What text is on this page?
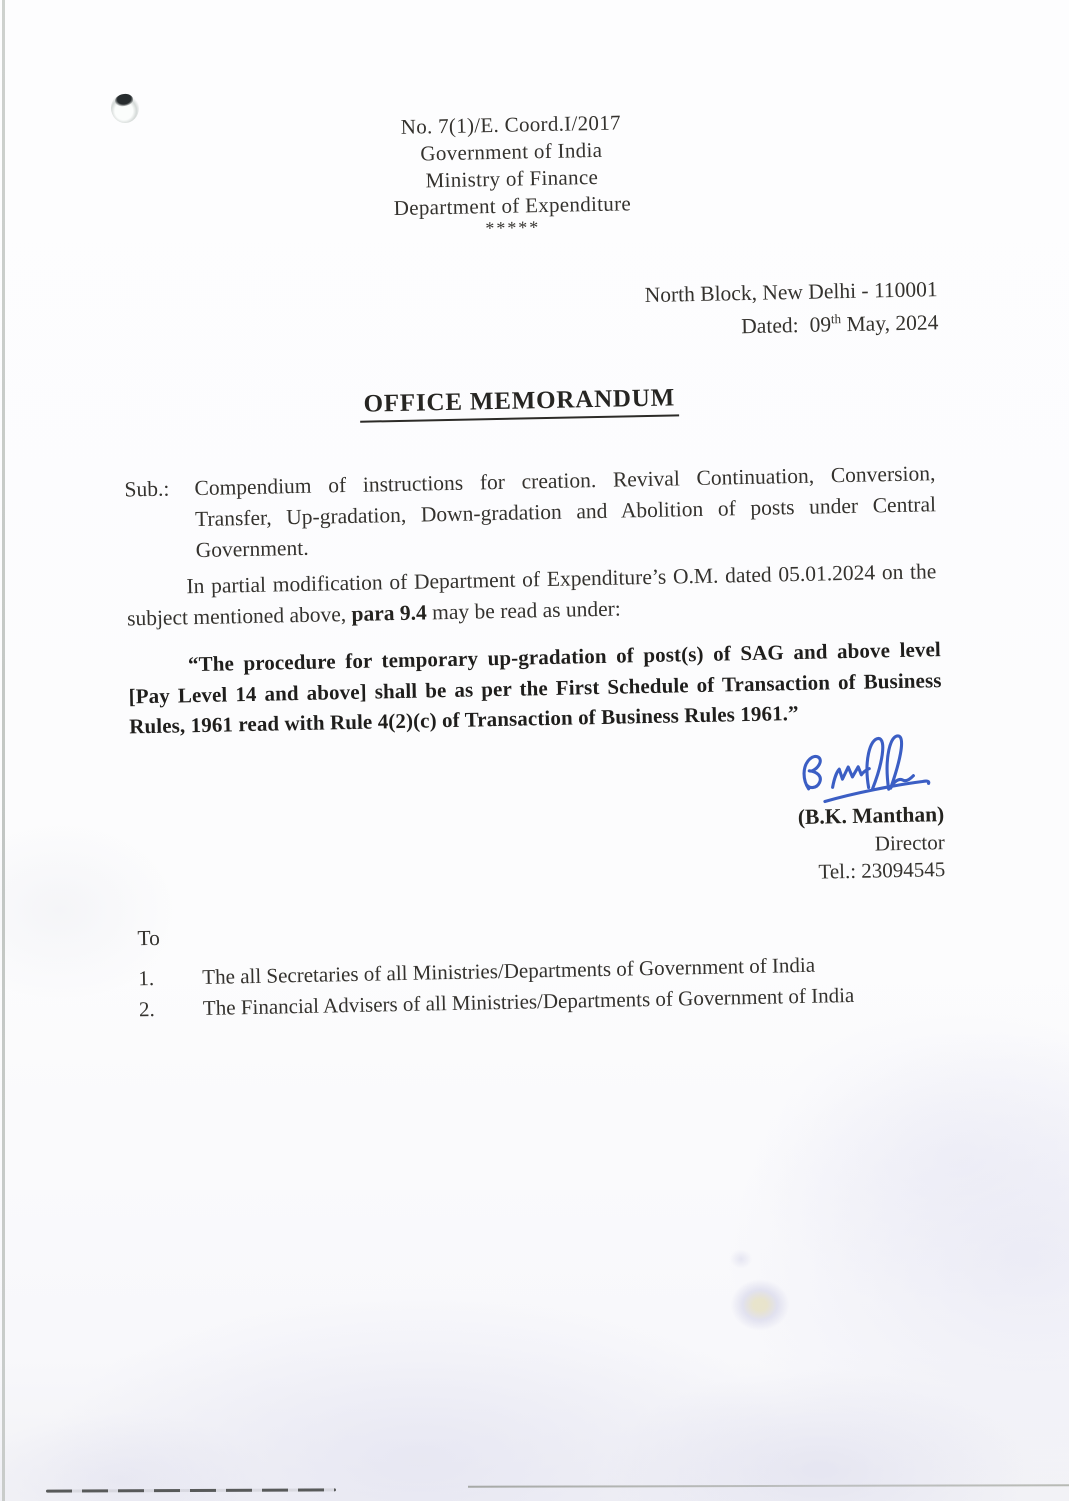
No. 7(1)/E. Coord.I/2017
Government of India
Ministry of Finance
Department of Expenditure
*****
North Block, New Delhi - 110001
Dated: 09th May, 2024
OFFICE MEMORANDUM
Sub.:	Compendium of instructions for creation. Revival Continuation, Conversion, Transfer, Up-gradation, Down-gradation and Abolition of posts under Central Government.
In partial modification of Department of Expenditure’s O.M. dated 05.01.2024 on the subject mentioned above, para 9.4 may be read as under:
“The procedure for temporary up-gradation of post(s) of SAG and above level [Pay Level 14 and above] shall be as per the First Schedule of Transaction of Business Rules, 1961 read with Rule 4(2)(c) of Transaction of Business Rules 1961.”
(B.K. Manthan)
Director
Tel.: 23094545
To
1.	The all Secretaries of all Ministries/Departments of Government of India
2.	The Financial Advisers of all Ministries/Departments of Government of India
